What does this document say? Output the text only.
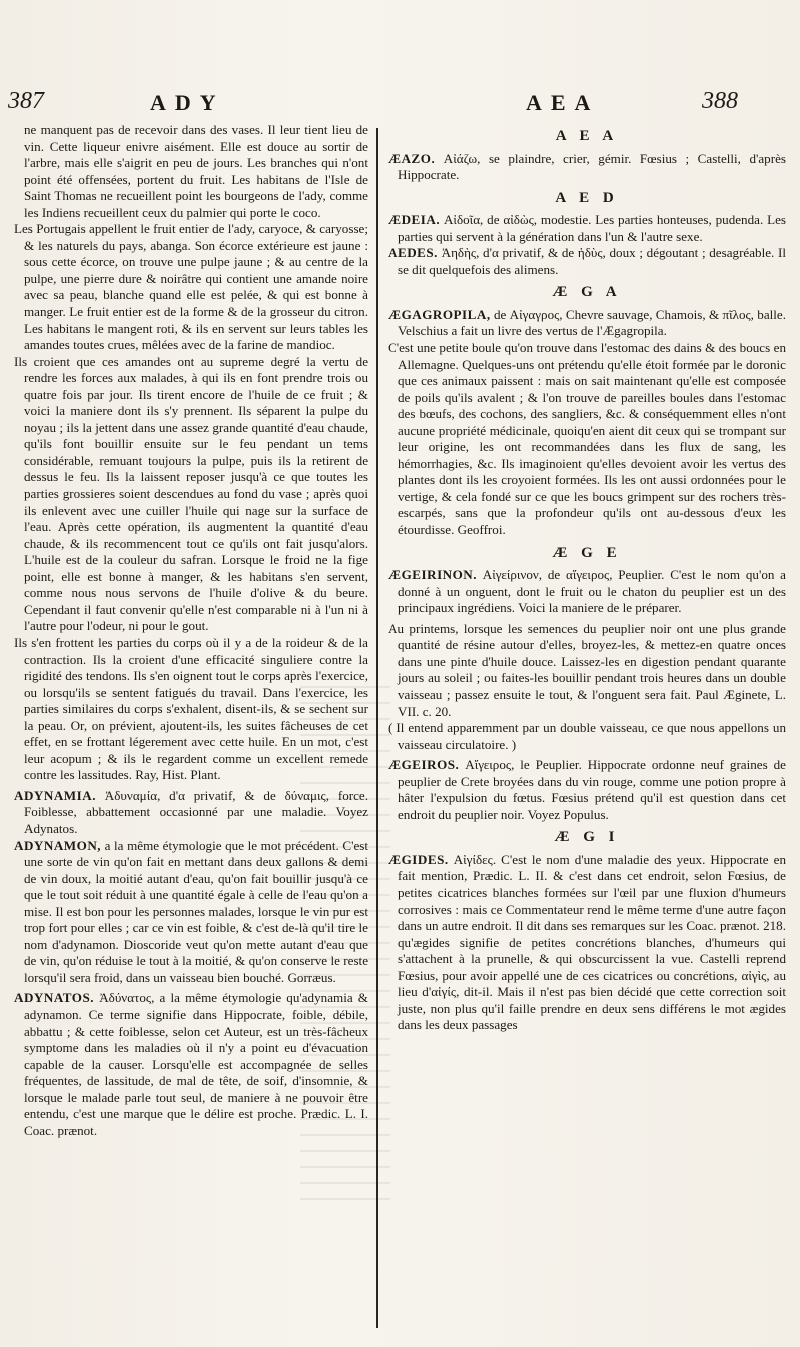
387	ADY	AEA	388

ne manquent pas de recevoir dans des vases. Il leur tient lieu de vin. Cette liqueur enivre aisément. Elle est douce au sortir de l'arbre, mais elle s'aigrit en peu de jours. Les branches qui n'ont point été offensées, portent du fruit. Les habitans de l'Isle de Saint Thomas ne recueillent point les bourgeons de l'ady, comme les Indiens recueillent ceux du palmier qui porte le coco.

Les Portugais appellent le fruit entier de l'ady, caryoce, & caryosse; & les naturels du pays, abanga. Son écorce extérieure est jaune : sous cette écorce, on trouve une pulpe jaune ; & au centre de la pulpe, une pierre dure & noirâtre qui contient une amande noire avec sa peau, blanche quand elle est pelée, & qui est bonne à manger. Le fruit entier est de la forme & de la grosseur du citron. Les habitans le mangent roti, & ils en servent sur leurs tables les amandes toutes crues, mêlées avec de la farine de mandioc.

Ils croient que ces amandes ont au supreme degré la vertu de rendre les forces aux malades, à qui ils en font prendre trois ou quatre fois par jour. Ils tirent encore de l'huile de ce fruit ; & voici la maniere dont ils s'y prennent. Ils séparent la pulpe du noyau ; ils la jettent dans une assez grande quantité d'eau chaude, qu'ils font bouillir ensuite sur le feu pendant un tems considérable, remuant toujours la pulpe, puis ils la retirent de dessus le feu. Ils la laissent reposer jusqu'à ce que toutes les parties grossieres soient descendues au fond du vase ; après quoi ils enlevent avec une cuiller l'huile qui nage sur la surface de l'eau. Après cette opération, ils augmentent la quantité d'eau chaude, & ils recommencent tout ce qu'ils ont fait jusqu'alors. L'huile est de la couleur du safran. Lorsque le froid ne la fige point, elle est bonne à manger, & les habitans s'en servent, comme nous nous servons de l'huile d'olive & du beure. Cependant il faut convenir qu'elle n'est comparable ni à l'un ni à l'autre pour l'odeur, ni pour le gout.

Ils s'en frottent les parties du corps où il y a de la roideur & de la contraction. Ils la croient d'une efficacité singuliere contre la rigidité des tendons. Ils s'en oignent tout le corps après l'exercice, ou lorsqu'ils se sentent fatigués du travail. Dans l'exercice, les parties similaires du corps s'exhalent, disent-ils, & se sechent sur la peau. Or, on prévient, ajoutent-ils, les suites fâcheuses de cet effet, en se frottant légerement avec cette huile. En un mot, c'est leur acopum ; & ils le regardent comme un excellent remede contre les lassitudes. Ray, Hist. Plant.

ADYNAMIA. Ἀδυναμία, d'α privatif, & de δύναμις, force. Foiblesse, abbattement occasionné par une maladie. Voyez Adynatos.

ADYNAMON, a la même étymologie que le mot précédent. C'est une sorte de vin qu'on fait en mettant dans deux gallons & demi de vin doux, la moitié autant d'eau, qu'on fait bouillir jusqu'à ce que le tout soit réduit à une quantité égale à celle de l'eau qu'on a mise. Il est bon pour les personnes malades, lorsque le vin pur est trop fort pour elles ; car ce vin est foible, & c'est de-là qu'il tire le nom d'adynamon. Dioscoride veut qu'on mette autant d'eau que de vin, qu'on réduise le tout à la moitié, & qu'on conserve le reste lorsqu'il sera froid, dans un vaisseau bien bouché. Gorræus.

ADYNATOS. Ἀδύνατος, a la même étymologie qu'adynamia & adynamon. Ce terme signifie dans Hippocrate, foible, débile, abbattu ; & cette foiblesse, selon cet Auteur, est un très-fâcheux symptome dans les maladies où il n'y a point eu d'évacuation capable de la causer. Lorsqu'elle est accompagnée de selles fréquentes, de lassitude, de mal de tête, de soif, d'insomnie, & lorsque le malade parle tout seul, de maniere à ne pouvoir être entendu, c'est une marque que le délire est proche. Prædic. L. I. Coac. prænot.

A E A

ÆAZO. Αἰάζω, se plaindre, crier, gémir. Fœsius ; Castelli, d'après Hippocrate.

A E D

ÆDEIA. Αἰδοῖα, de αἰδὼς, modestie. Les parties honteuses, pudenda. Les parties qui servent à la génération dans l'un & l'autre sexe.

AEDES. Ἀηδὴς, d'α privatif, & de ἡδὺς, doux ; dégoutant ; desagréable. Il se dit quelquefois des alimens.

Æ G A

ÆGAGROPILA, de Αἰγαγρος, Chevre sauvage, Chamois, & πῖλος, balle. Velschius a fait un livre des vertus de l'Ægagropila.

C'est une petite boule qu'on trouve dans l'estomac des dains & des boucs en Allemagne. Quelques-uns ont prétendu qu'elle étoit formée par le doronic que ces animaux paissent : mais on sait maintenant qu'elle est composée de poils qu'ils avalent ; & l'on trouve de pareilles boules dans l'estomac des bœufs, des cochons, des sangliers, &c. & conséquemment elles n'ont aucune propriété médicinale, quoiqu'en aient dit ceux qui se trompant sur leur origine, les ont recommandées dans les flux de sang, les hémorrhagies, &c. Ils imaginoient qu'elles devoient avoir les vertus des plantes dont ils les croyoient formées. Ils les ont aussi ordonnées pour le vertige, & cela fondé sur ce que les boucs grimpent sur des rochers très-escarpés, sans que la profondeur qu'ils ont au-dessous d'eux les étourdisse. Geoffroi.

Æ G E

ÆGEIRINON. Αἰγείρινον, de αἴγειρος, Peuplier. C'est le nom qu'on a donné à un onguent, dont le fruit ou le chaton du peuplier est un des principaux ingrédiens. Voici la maniere de le préparer.

Au printems, lorsque les semences du peuplier noir ont une plus grande quantité de résine autour d'elles, broyez-les, & mettez-en quatre onces dans une pinte d'huile douce. Laissez-les en digestion pendant quarante jours au soleil ; ou faites-les bouillir pendant trois heures dans un double vaisseau ; passez ensuite le tout, & l'onguent sera fait. Paul Æginete, L. VII. c. 20.

( Il entend apparemment par un double vaisseau, ce que nous appellons un vaisseau circulatoire. )

ÆGEIROS. Αἴγειρος, le Peuplier. Hippocrate ordonne neuf graines de peuplier de Crete broyées dans du vin rouge, comme une potion propre à hâter l'expulsion du fœtus. Fœsius prétend qu'il est question dans cet endroit du peuplier noir. Voyez Populus.

Æ G I

ÆGIDES. Αἰγίδες. C'est le nom d'une maladie des yeux. Hippocrate en fait mention, Prædic. L. II. & c'est dans cet endroit, selon Fœsius, de petites cicatrices blanches formées sur l'œil par une fluxion d'humeurs corrosives : mais ce Commentateur rend le même terme d'une autre façon dans un autre endroit. Il dit dans ses remarques sur les Coac. prænot. 218. qu'ægides signifie de petites concrétions blanches, d'humeurs qui s'attachent à la prunelle, & qui obscurcissent la vue. Castelli reprend Fœsius, pour avoir appellé une de ces cicatrices ou concrétions, αἰγὶς, au lieu d'αἰγίς, dit-il. Mais il n'est pas bien décidé que cette correction soit juste, non plus qu'il faille prendre en deux sens différens le mot ægides dans les deux passages
